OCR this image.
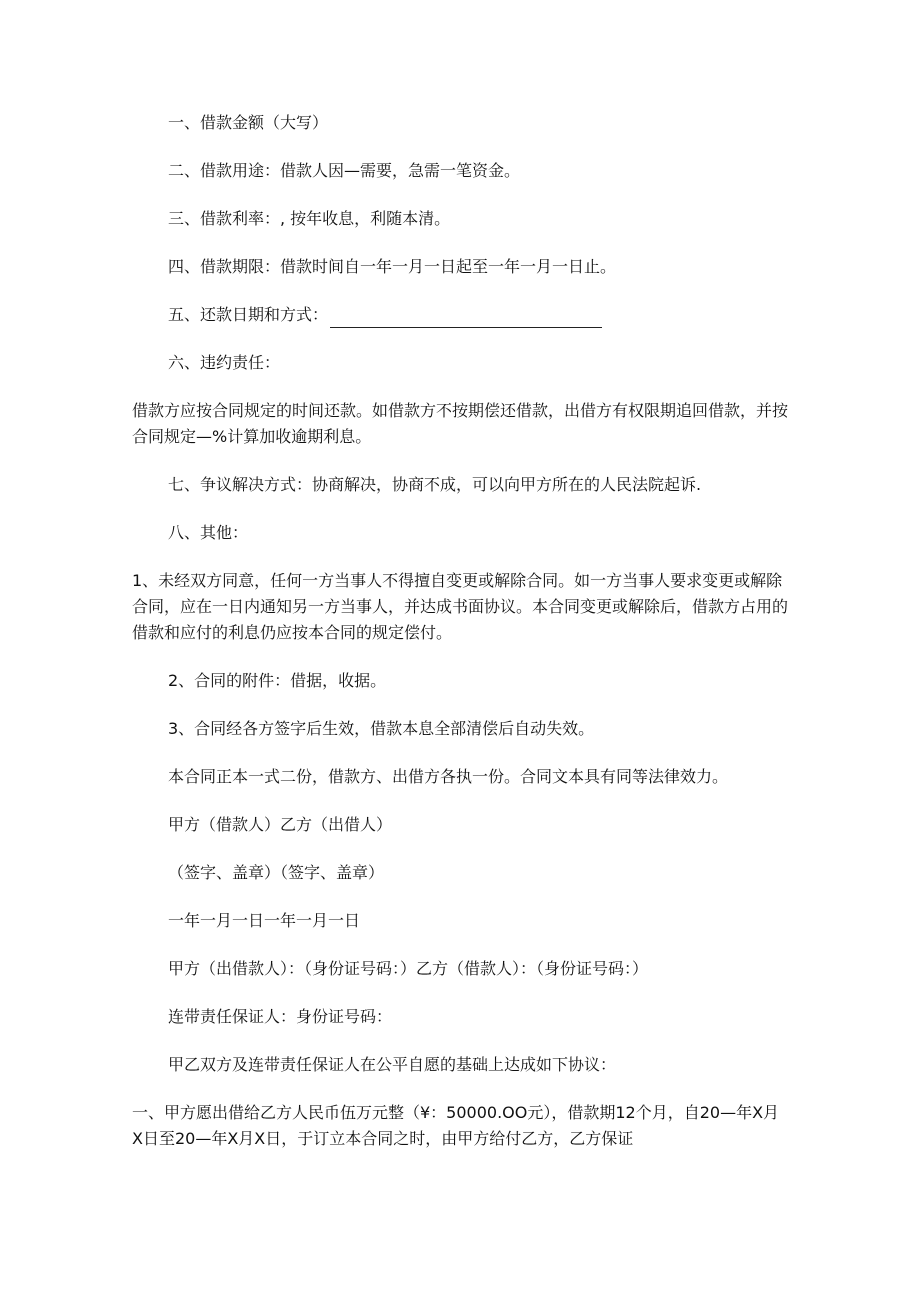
一、借款金额（大写）

二、借款用途：借款人因—需要，急需一笔资金。

三、借款利率：, 按年收息，利随本清。

四、借款期限：借款时间自一年一月一日起至一年一月一日止。

五、还款日期和方式：

六、违约责任：

借款方应按合同规定的时间还款。如借款方不按期偿还借款，出借方有权限期追回借款，并按合同规定—%计算加收逾期利息。

七、争议解决方式：协商解决，协商不成，可以向甲方所在的人民法院起诉.

八、其他：

1、未经双方同意，任何一方当事人不得擅自变更或解除合同。如一方当事人要求变更或解除合同，应在一日内通知另一方当事人，并达成书面协议。本合同变更或解除后，借款方占用的借款和应付的利息仍应按本合同的规定偿付。

2、合同的附件：借据，收据。

3、合同经各方签字后生效，借款本息全部清偿后自动失效。

本合同正本一式二份，借款方、出借方各执一份。合同文本具有同等法律效力。

甲方（借款人）乙方（出借人）

（签字、盖章）（签字、盖章）

一年一月一日一年一月一日

甲方（出借款人）：（身份证号码：）乙方（借款人）：（身份证号码：）

连带责任保证人：身份证号码：

甲乙双方及连带责任保证人在公平自愿的基础上达成如下协议：

一、甲方愿出借给乙方人民币伍万元整（¥：50000.OO元），借款期12个月，自20—年X月X日至20—年X月X日，于订立本合同之时，由甲方给付乙方，乙方保证
